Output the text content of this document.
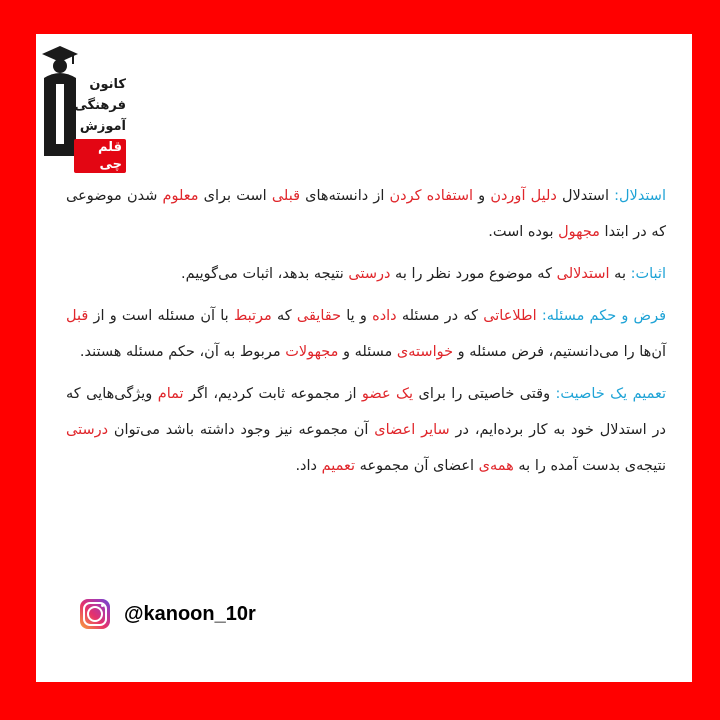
کانون
فرهنگی
آموزش
قلم چی

استدلال: استدلال دلیل آوردن و استفاده کردن از دانسته‌های قبلی است برای معلوم شدن موضوعی که در ابتدا مجهول بوده است.

اثبات: به استدلالی که موضوع مورد نظر را به درستی نتیجه بدهد، اثبات می‌گوییم.

فرض و حکم مسئله: اطلاعاتی که در مسئله داده و یا حقایقی که مرتبط با آن مسئله است و از قبل آن‌ها را می‌دانستیم، فرض مسئله و خواسته‌ی مسئله و مجهولات مربوط به آن، حکم مسئله هستند.

تعمیم یک خاصیت: وقتی خاصیتی را برای یک عضو از مجموعه ثابت کردیم، اگر تمام ویژگی‌هایی که در استدلال خود به کار برده‌ایم، در سایر اعضای آن مجموعه نیز وجود داشته باشد می‌توان درستی نتیجه‌ی بدست آمده را به همه‌ی اعضای آن مجموعه تعمیم داد.

@kanoon_10r
